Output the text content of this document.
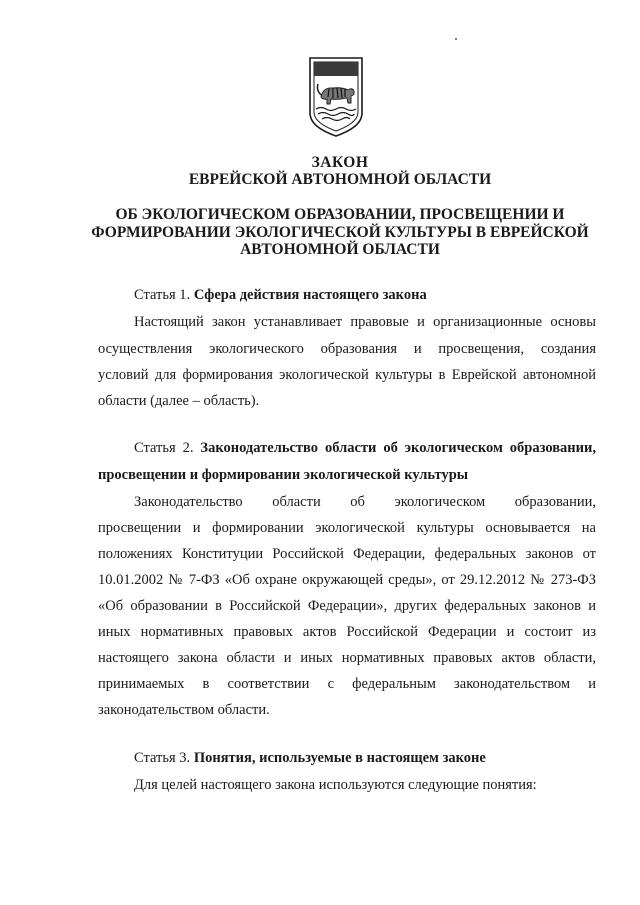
ЗАКОН
ЕВРЕЙСКОЙ АВТОНОМНОЙ ОБЛАСТИ
ОБ ЭКОЛОГИЧЕСКОМ ОБРАЗОВАНИИ, ПРОСВЕЩЕНИИ И
ФОРМИРОВАНИИ ЭКОЛОГИЧЕСКОЙ КУЛЬТУРЫ В ЕВРЕЙСКОЙ
АВТОНОМНОЙ ОБЛАСТИ
Статья 1. Сфера действия настоящего закона
Настоящий закон устанавливает правовые и организационные основы
осуществления экологического образования и просвещения, создания
условий для формирования экологической культуры в Еврейской автономной
области (далее – область).
Статья 2. Законодательство области об экологическом образовании,
просвещении и формировании экологической культуры
Законодательство области об экологическом образовании,
просвещении и формировании экологической культуры основывается на
положениях Конституции Российской Федерации, федеральных законов от
10.01.2002 № 7-ФЗ «Об охране окружающей среды», от 29.12.2012 № 273-ФЗ
«Об образовании в Российской Федерации», других федеральных законов и
иных нормативных правовых актов Российской Федерации и состоит из
настоящего закона области и иных нормативных правовых актов области,
принимаемых в соответствии с федеральным законодательством и
законодательством области.
Статья 3. Понятия, используемые в настоящем законе
Для целей настоящего закона используются следующие понятия:
